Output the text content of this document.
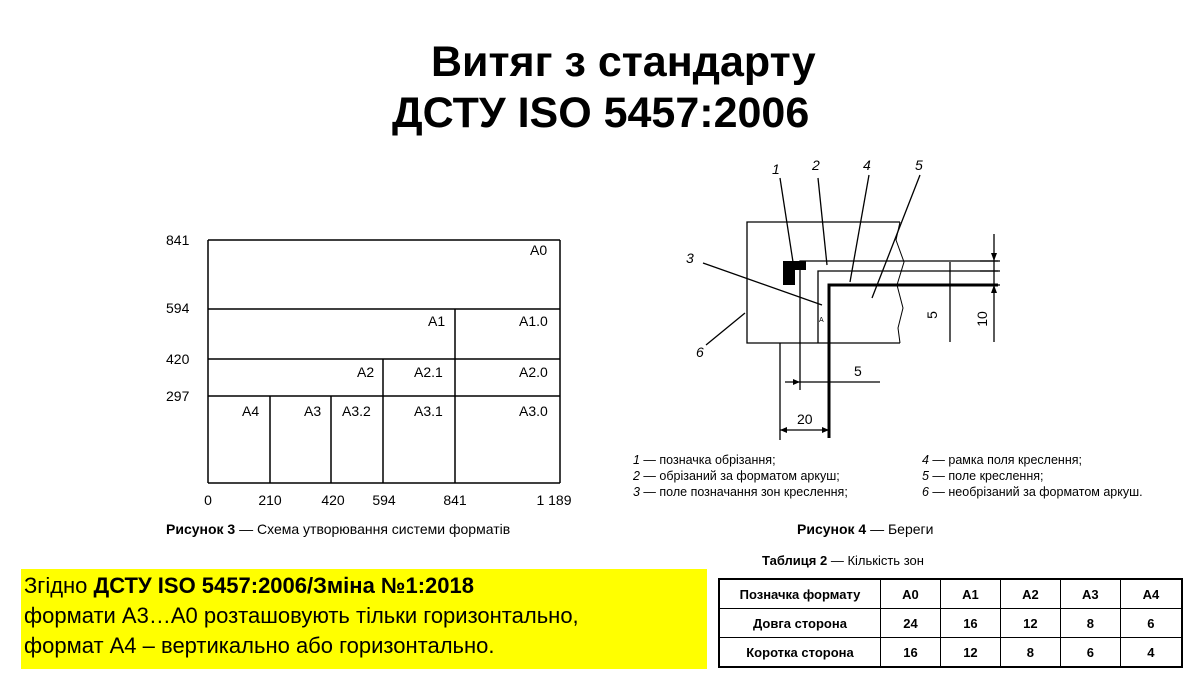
Витяг з стандарту
ДСТУ ISO 5457:2006
841
594
420
297
0	210	420 594	841	1 189
A0
A1	A1.0
A2	A2.1	A2.0
A4	A3 A3.2	A3.1	A3.0
Рисунок 3 — Схема утворювання системи форматів
1 2	4	5
3
6
A
5 10
5
20
1 — позначка обрізання;
2 — обрізаний за форматом аркуш;
3 — поле позначання зон креслення;
4 — рамка поля креслення;
5 — поле креслення;
6 — необрізаний за форматом аркуш.
Рисунок 4 — Береги
Таблиця 2 — Кількість зон
Позначка формату	A0	A1	A2	A3	A4
Довга сторона	24	16	12	8	6
Коротка сторона	16	12	8	6	4
Згідно ДСТУ ISO 5457:2006/Зміна №1:2018
формати А3…А0 розташовують тільки горизонтально,
формат А4 – вертикально або горизонтально.
